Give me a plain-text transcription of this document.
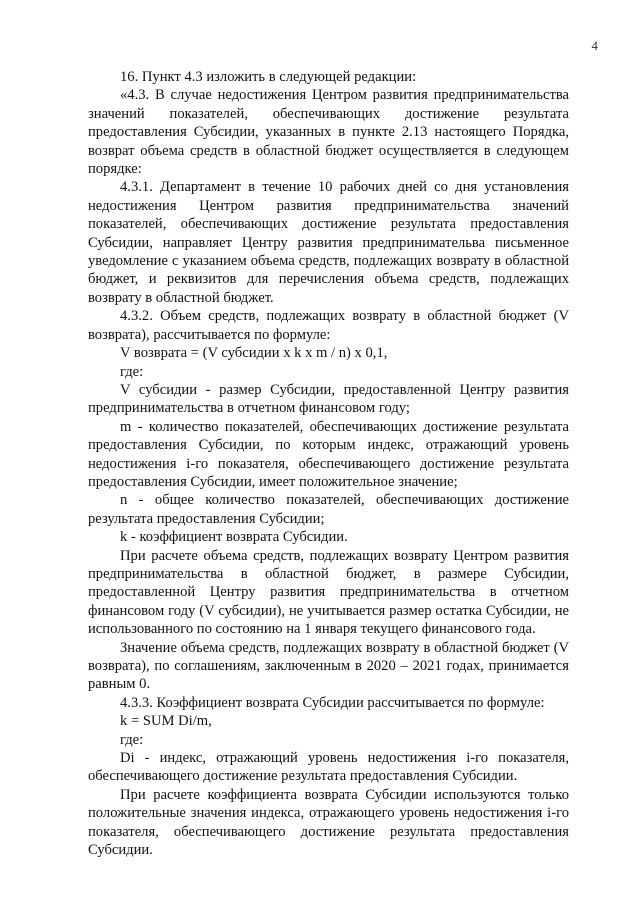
4

16. Пункт 4.3 изложить в следующей редакции:

«4.3. В случае недостижения Центром развития предпринимательства значений показателей, обеспечивающих достижение результата предоставления Субсидии, указанных в пункте 2.13 настоящего Порядка, возврат объема средств в областной бюджет осуществляется в следующем порядке:

4.3.1. Департамент в течение 10 рабочих дней со дня установления недостижения Центром развития предпринимательства значений показателей, обеспечивающих достижение результата предоставления Субсидии, направляет Центру развития предпринимательва письменное уведомление с указанием объема средств, подлежащих возврату в областной бюджет, и реквизитов для перечисления объема средств, подлежащих возврату в областной бюджет.

4.3.2. Объем средств, подлежащих возврату в областной бюджет (V возврата), рассчитывается по формуле:

V возврата = (V субсидии x k x m / n) x 0,1,

где:

V субсидии - размер Субсидии, предоставленной Центру развития предпринимательства в отчетном финансовом году;

m - количество показателей, обеспечивающих достижение результата предоставления Субсидии, по которым индекс, отражающий уровень недостижения i-го показателя, обеспечивающего достижение результата предоставления Субсидии, имеет положительное значение;

n - общее количество показателей, обеспечивающих достижение результата предоставления Субсидии;

k - коэффициент возврата Субсидии.

При расчете объема средств, подлежащих возврату Центром развития предпринимательства в областной бюджет, в размере Субсидии, предоставленной Центру развития предпринимательства в отчетном финансовом году (V субсидии), не учитывается размер остатка Субсидии, не использованного по состоянию на 1 января текущего финансового года.

Значение объема средств, подлежащих возврату в областной бюджет (V возврата), по соглашениям, заключенным в 2020 – 2021 годах, принимается равным 0.

4.3.3. Коэффициент возврата Субсидии рассчитывается по формуле:

k = SUM Di/m,

где:

Di - индекс, отражающий уровень недостижения i-го показателя, обеспечивающего достижение результата предоставления Субсидии.

При расчете коэффициента возврата Субсидии используются только положительные значения индекса, отражающего уровень недостижения i-го показателя, обеспечивающего достижение результата предоставления Субсидии.
